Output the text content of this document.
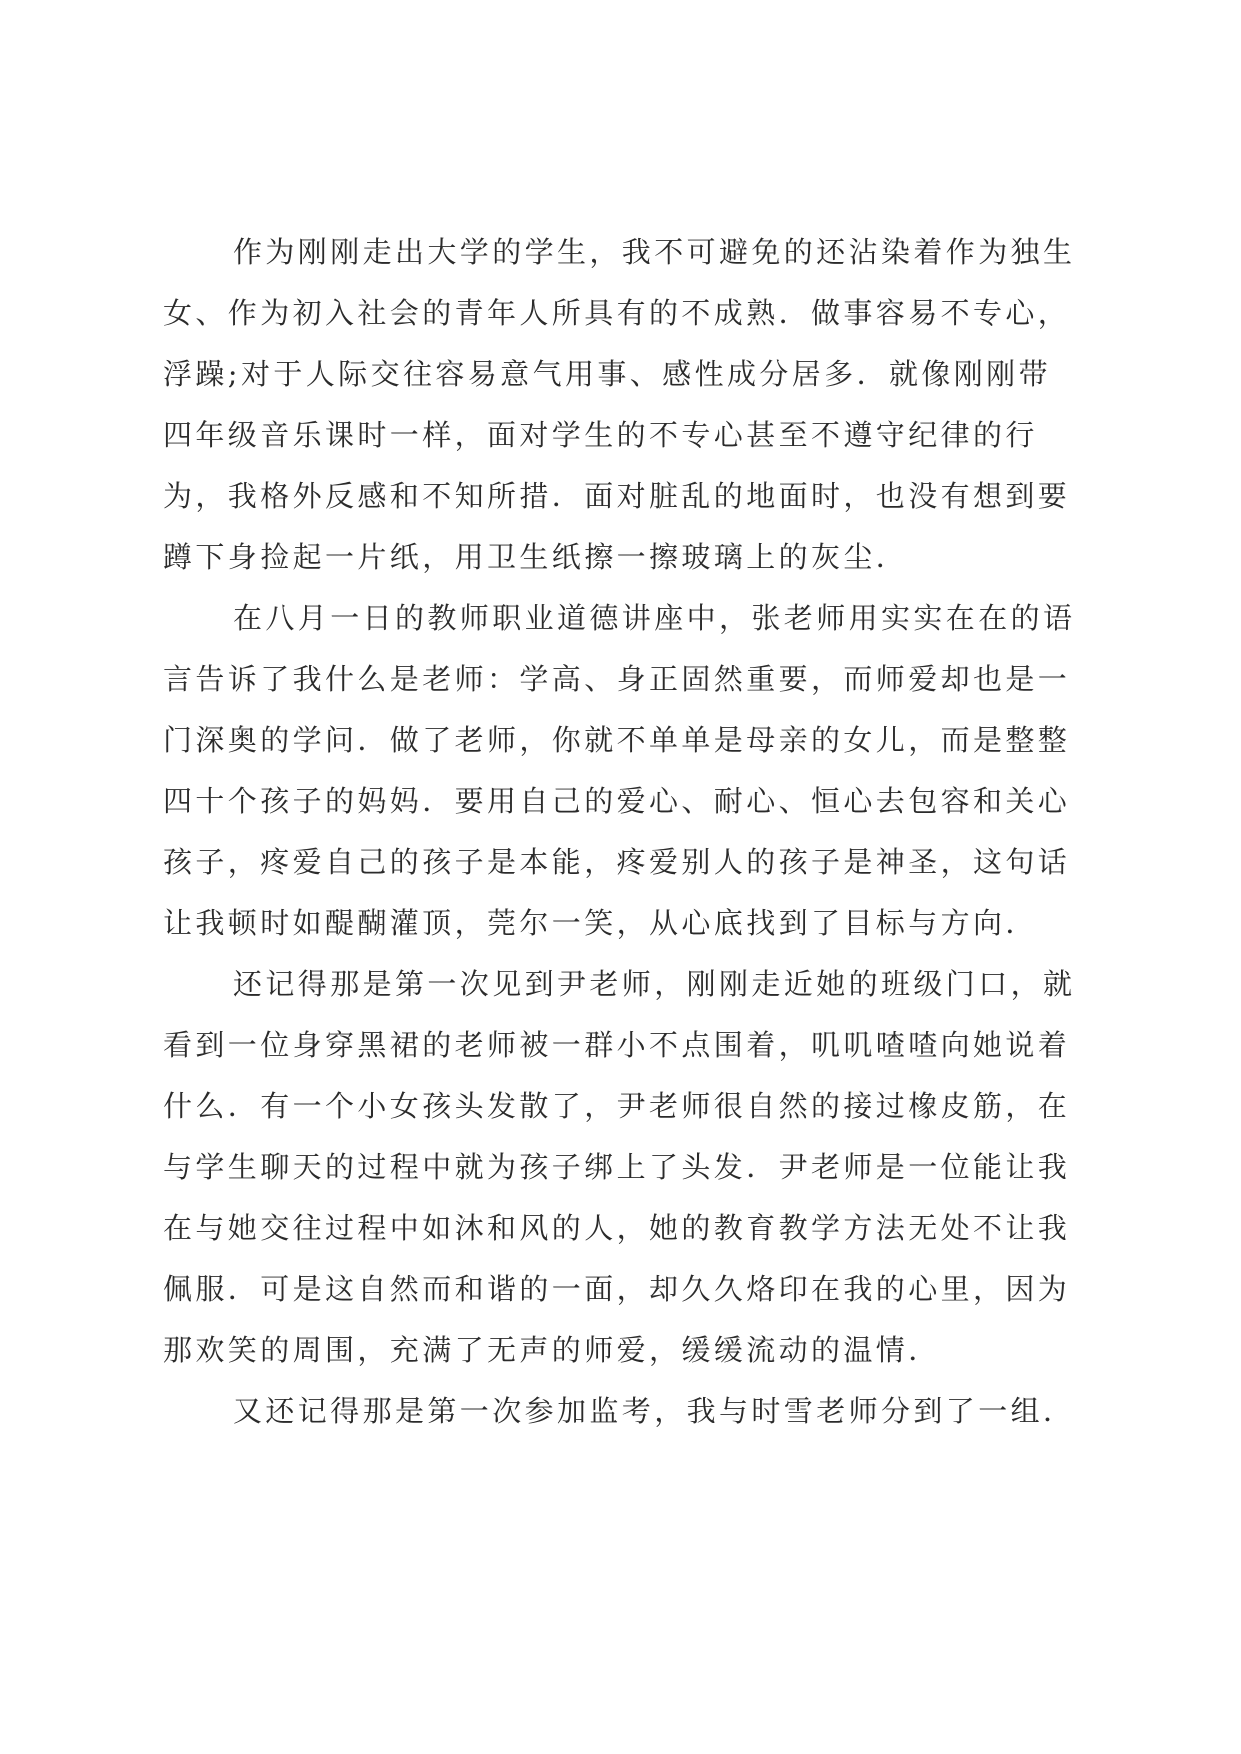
作为刚刚走出大学的学生，我不可避免的还沾染着作为独生
女、作为初入社会的青年人所具有的不成熟．做事容易不专心，
浮躁;对于人际交往容易意气用事、感性成分居多．就像刚刚带
四年级音乐课时一样，面对学生的不专心甚至不遵守纪律的行
为，我格外反感和不知所措．面对脏乱的地面时，也没有想到要
蹲下身捡起一片纸，用卫生纸擦一擦玻璃上的灰尘．

在八月一日的教师职业道德讲座中，张老师用实实在在的语
言告诉了我什么是老师：学高、身正固然重要，而师爱却也是一
门深奥的学问．做了老师，你就不单单是母亲的女儿，而是整整
四十个孩子的妈妈．要用自己的爱心、耐心、恒心去包容和关心
孩子，疼爱自己的孩子是本能，疼爱别人的孩子是神圣，这句话
让我顿时如醍醐灌顶，莞尔一笑，从心底找到了目标与方向．

还记得那是第一次见到尹老师，刚刚走近她的班级门口，就
看到一位身穿黑裙的老师被一群小不点围着，叽叽喳喳向她说着
什么．有一个小女孩头发散了，尹老师很自然的接过橡皮筋，在
与学生聊天的过程中就为孩子绑上了头发．尹老师是一位能让我
在与她交往过程中如沐和风的人，她的教育教学方法无处不让我
佩服．可是这自然而和谐的一面，却久久烙印在我的心里，因为
那欢笑的周围，充满了无声的师爱，缓缓流动的温情．

又还记得那是第一次参加监考，我与时雪老师分到了一组．
